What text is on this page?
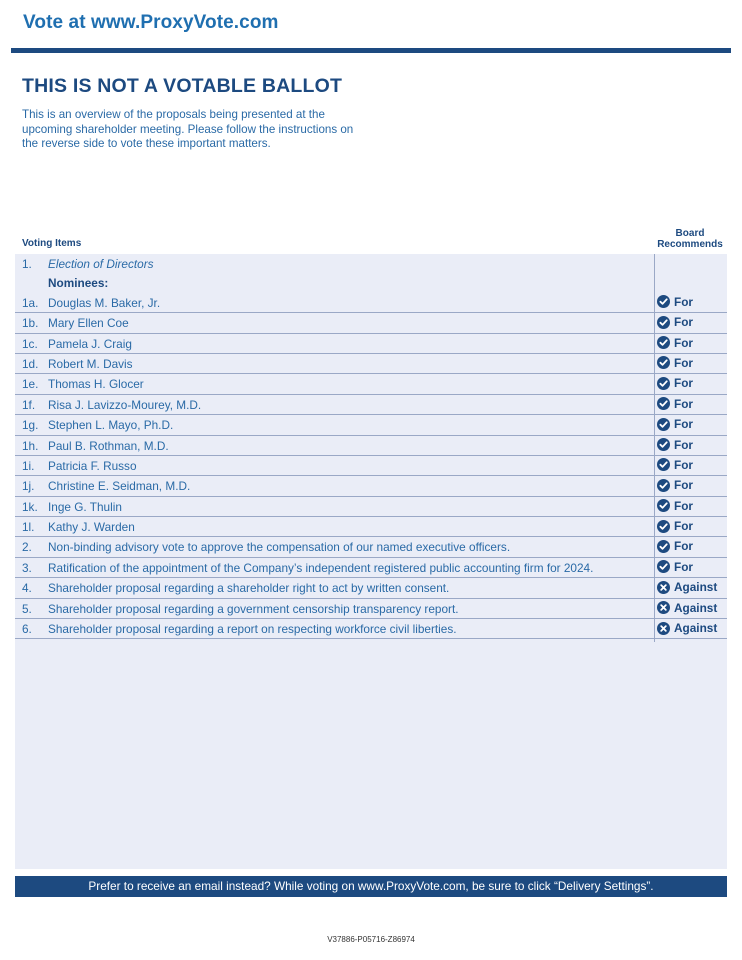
Vote at www.ProxyVote.com
THIS IS NOT A VOTABLE BALLOT
This is an overview of the proposals being presented at the upcoming shareholder meeting. Please follow the instructions on the reverse side to vote these important matters.
Voting Items
Board Recommends
1. Election of Directors
Nominees:
1a. Douglas M. Baker, Jr.	For
1b. Mary Ellen Coe	For
1c. Pamela J. Craig	For
1d. Robert M. Davis	For
1e. Thomas H. Glocer	For
1f. Risa J. Lavizzo-Mourey, M.D.	For
1g. Stephen L. Mayo, Ph.D.	For
1h. Paul B. Rothman, M.D.	For
1i. Patricia F. Russo	For
1j. Christine E. Seidman, M.D.	For
1k. Inge G. Thulin	For
1l. Kathy J. Warden	For
2. Non-binding advisory vote to approve the compensation of our named executive officers.	For
3. Ratification of the appointment of the Company’s independent registered public accounting firm for 2024.	For
4. Shareholder proposal regarding a shareholder right to act by written consent.	Against
5. Shareholder proposal regarding a government censorship transparency report.	Against
6. Shareholder proposal regarding a report on respecting workforce civil liberties.	Against
Prefer to receive an email instead? While voting on www.ProxyVote.com, be sure to click “Delivery Settings”.
V37886-P05716-Z86974
